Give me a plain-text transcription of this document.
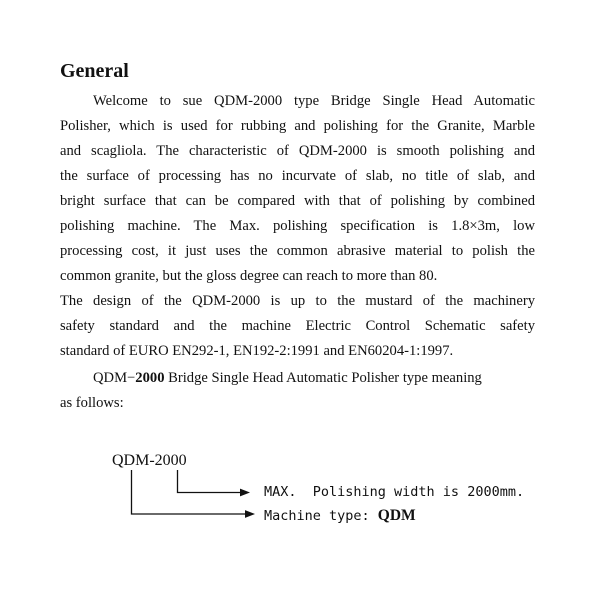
General
Welcome to sue QDM-2000 type Bridge Single Head Automatic
Polisher, which is used for rubbing and polishing for the Granite, Marble
and scagliola. The characteristic of QDM-2000 is smooth polishing and
the surface of processing has no incurvate of slab, no title of slab, and
bright surface that can be compared with that of polishing by combined
polishing machine. The Max. polishing specification is 1.8×3m, low
processing cost, it just uses the common abrasive material to polish the
common granite, but the gloss degree can reach to more than 80.
The design of the QDM-2000 is up to the mustard of the machinery
safety standard and the machine Electric Control Schematic safety
standard of EURO EN292-1, EN192-2:1991 and EN60204-1:1997.
QDM−2000 Bridge Single Head Automatic Polisher type meaning
as follows:
QDM-2000
MAX.  Polishing width is 2000mm.
Machine type: QDM
